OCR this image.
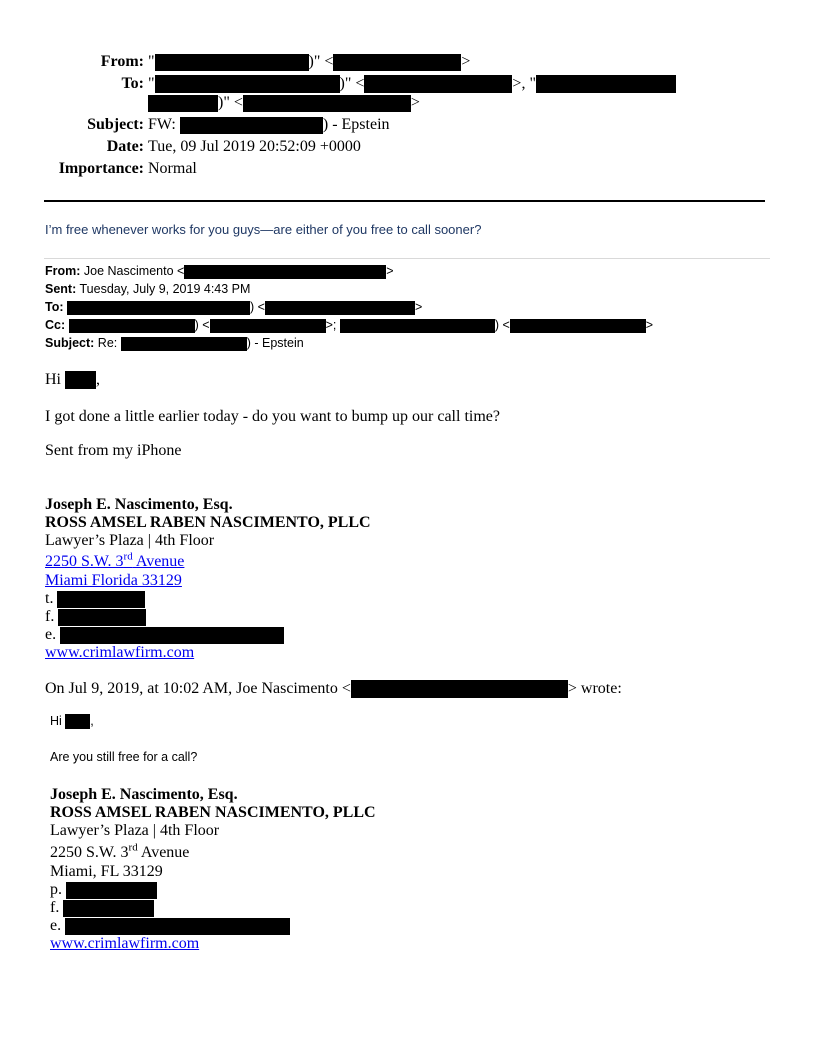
From: "	)" <	>
To: "	)" <	>, "
)" <	>
Subject: FW:	) - Epstein
Date: Tue, 09 Jul 2019 20:52:09 +0000
Importance: Normal
I’m free whenever works for you guys—are either of you free to call sooner?
From: Joe Nascimento <	>
Sent: Tuesday, July 9, 2019 4:43 PM
To:	) <	>
Cc:	) <	>;	) <	>
Subject: Re:	) - Epstein
Hi ,
I got done a little earlier today - do you want to bump up our call time?
Sent from my iPhone
Joseph E. Nascimento, Esq.
ROSS AMSEL RABEN NASCIMENTO, PLLC
Lawyer’s Plaza | 4th Floor
2250 S.W. 3rd Avenue
Miami Florida 33129
t.
f.
e.
www.crimlawfirm.com
On Jul 9, 2019, at 10:02 AM, Joe Nascimento <	> wrote:
Hi ,
Are you still free for a call?
Joseph E. Nascimento, Esq.
ROSS AMSEL RABEN NASCIMENTO, PLLC
Lawyer’s Plaza | 4th Floor
2250 S.W. 3rd Avenue
Miami, FL 33129
p.
f.
e.
www.crimlawfirm.com
